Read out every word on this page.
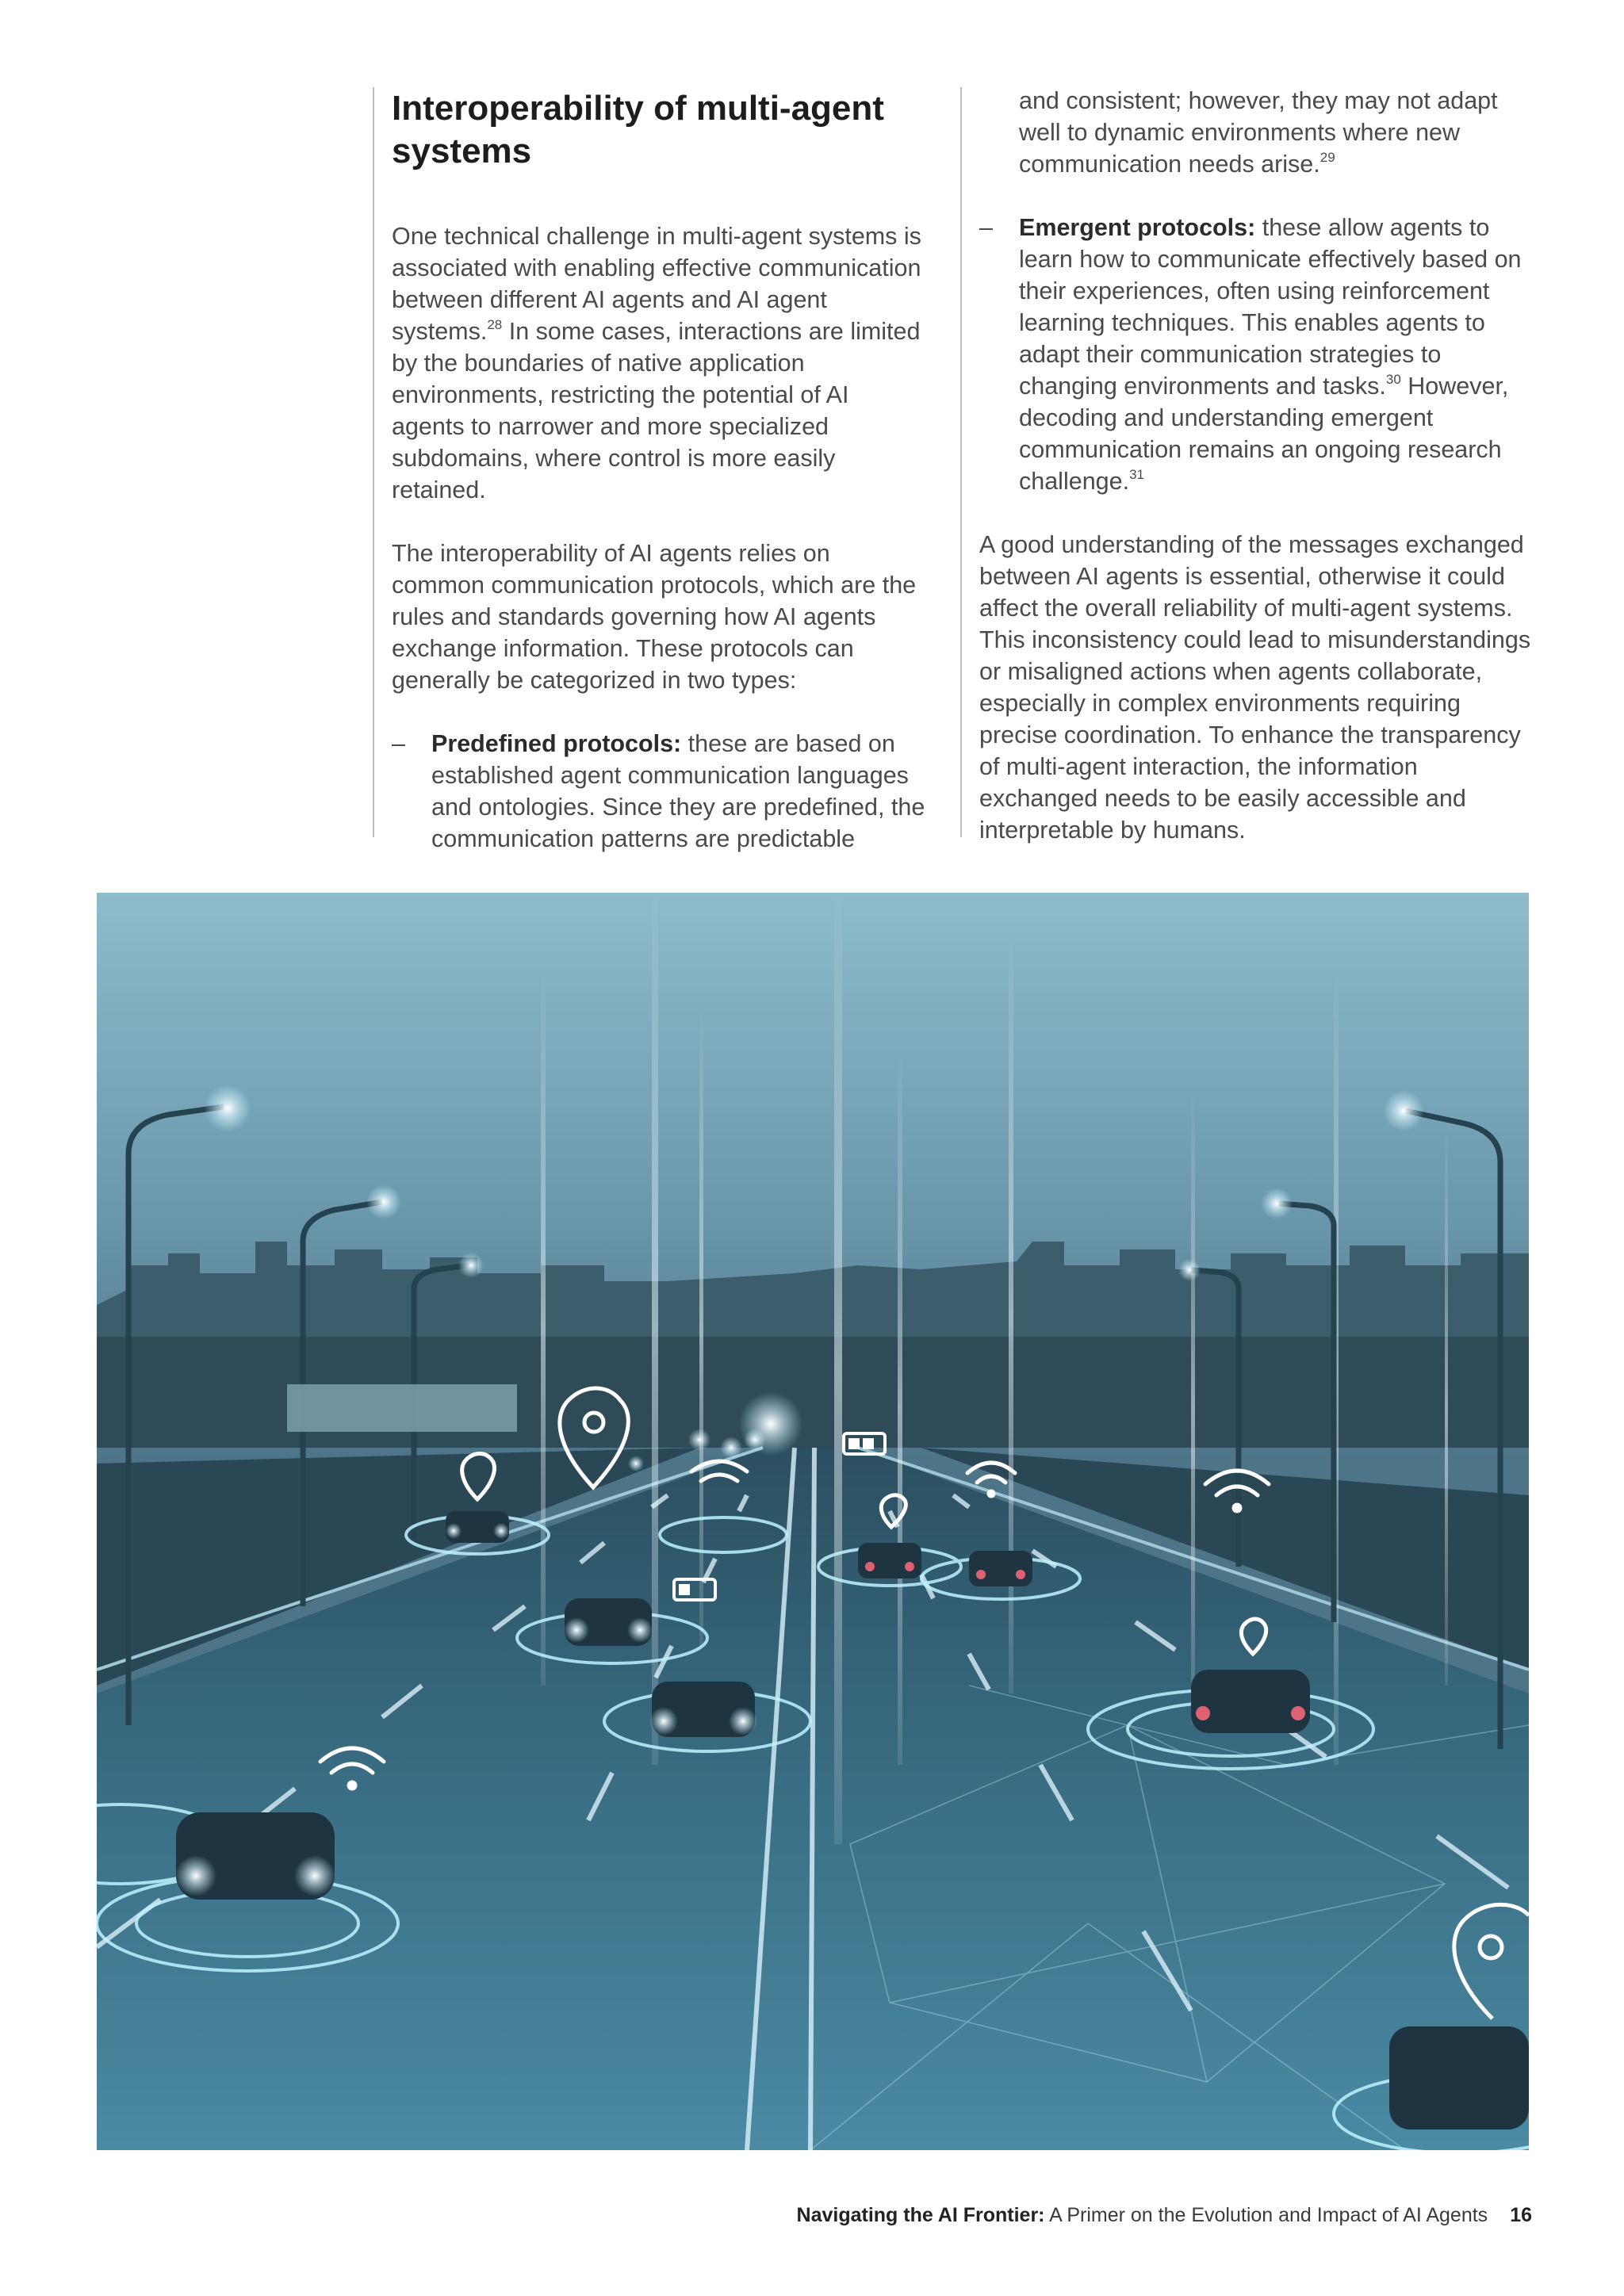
Interoperability of multi-agent systems

One technical challenge in multi-agent systems is associated with enabling effective communication between different AI agents and AI agent systems.$^{28}$ In some cases, interactions are limited by the boundaries of native application environments, restricting the potential of AI agents to narrower and more specialized subdomains, where control is more easily retained.

The interoperability of AI agents relies on common communication protocols, which are the rules and standards governing how AI agents exchange information. These protocols can generally be categorized in two types:

– Predefined protocols: these are based on established agent communication languages and ontologies. Since they are predefined, the communication patterns are predictable

and consistent; however, they may not adapt well to dynamic environments where new communication needs arise.$^{29}$

– Emergent protocols: these allow agents to learn how to communicate effectively based on their experiences, often using reinforcement learning techniques. This enables agents to adapt their communication strategies to changing environments and tasks.$^{30}$ However, decoding and understanding emergent communication remains an ongoing research challenge.$^{31}$

A good understanding of the messages exchanged between AI agents is essential, otherwise it could affect the overall reliability of multi-agent systems. This inconsistency could lead to misunderstandings or misaligned actions when agents collaborate, especially in complex environments requiring precise coordination. To enhance the transparency of multi-agent interaction, the information exchanged needs to be easily accessible and interpretable by humans.

Navigating the AI Frontier: A Primer on the Evolution and Impact of AI Agents 16
